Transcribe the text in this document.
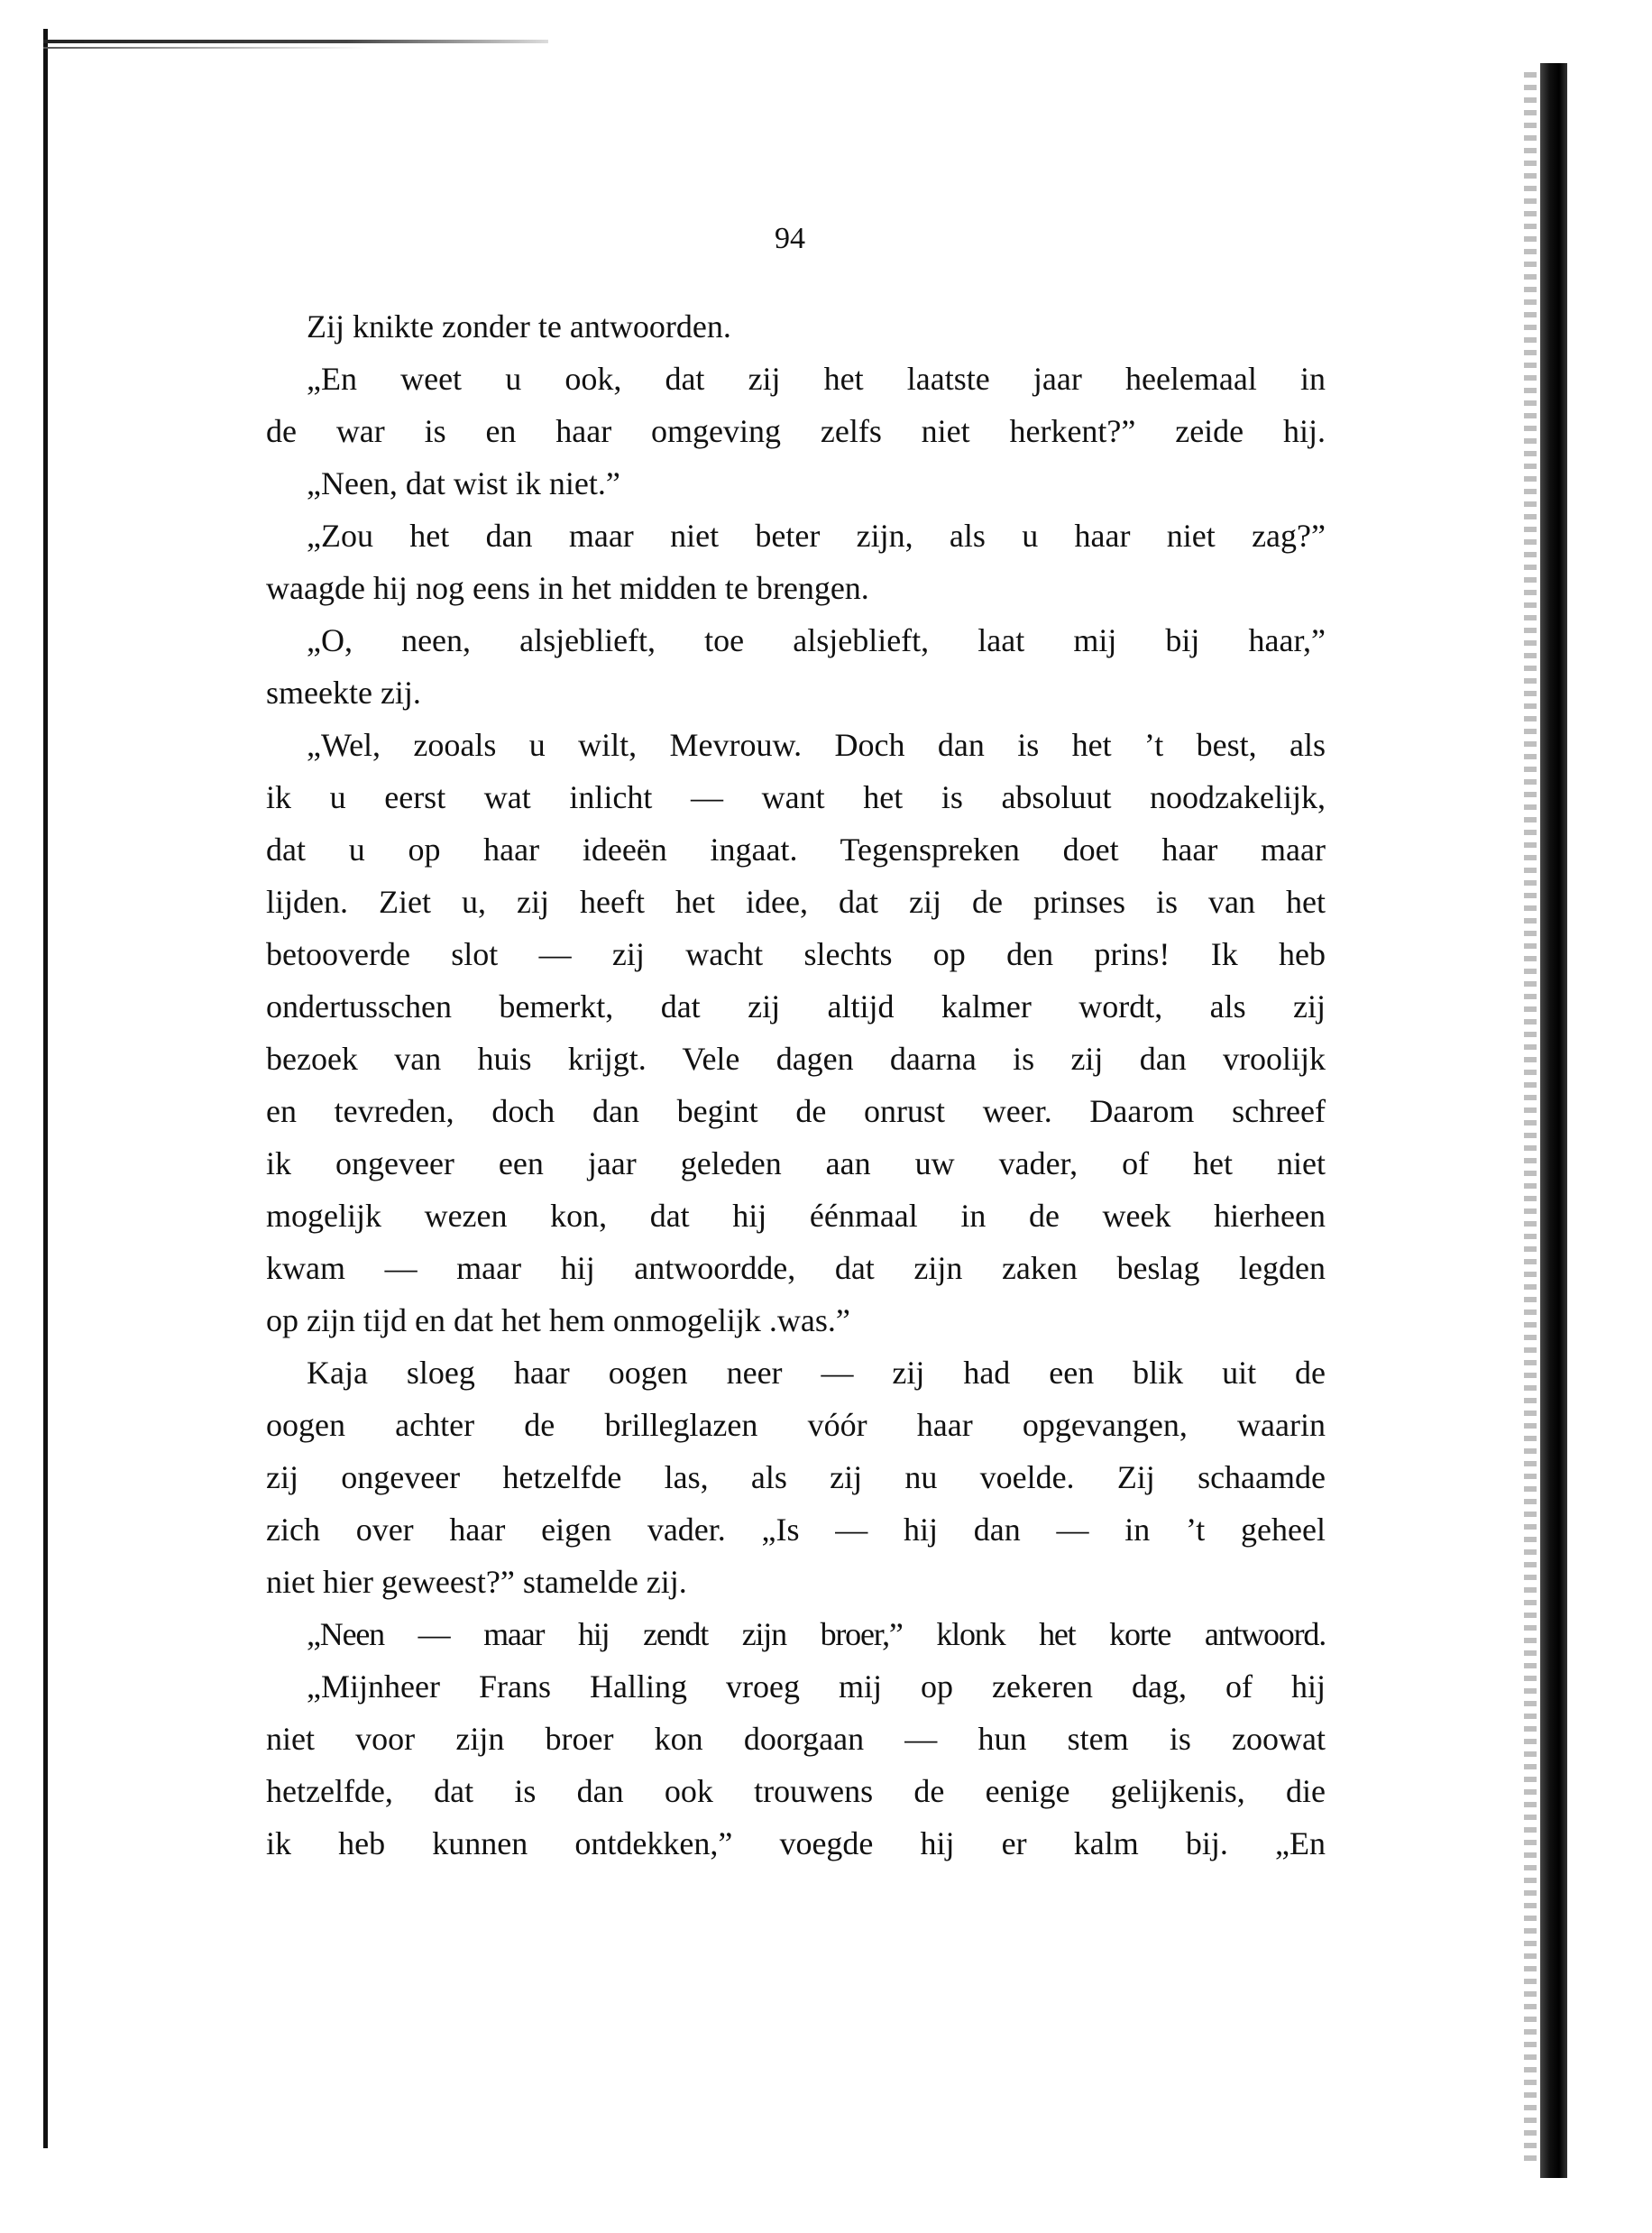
94
Zij knikte zonder te antwoorden.
„En weet u ook, dat zij het laatste jaar heelemaal in
de war is en haar omgeving zelfs niet herkent?” zeide hij.
„Neen, dat wist ik niet.”
„Zou het dan maar niet beter zijn, als u haar niet zag?”
waagde hij nog eens in het midden te brengen.
„O, neen, alsjeblieft, toe alsjeblieft, laat mij bij haar,”
smeekte zij.
„Wel, zooals u wilt, Mevrouw. Doch dan is het ’t best, als
ik u eerst wat inlicht — want het is absoluut noodzakelijk,
dat u op haar ideeën ingaat. Tegenspreken doet haar maar
lijden. Ziet u, zij heeft het idee, dat zij de prinses is van het
betooverde slot — zij wacht slechts op den prins! Ik heb
ondertusschen bemerkt, dat zij altijd kalmer wordt, als zij
bezoek van huis krijgt. Vele dagen daarna is zij dan vroolijk
en tevreden, doch dan begint de onrust weer. Daarom schreef
ik ongeveer een jaar geleden aan uw vader, of het niet
mogelijk wezen kon, dat hij éénmaal in de week hierheen
kwam — maar hij antwoordde, dat zijn zaken beslag legden
op zijn tijd en dat het hem onmogelijk .was.”
Kaja sloeg haar oogen neer — zij had een blik uit de
oogen achter de brilleglazen vóór haar opgevangen, waarin
zij ongeveer hetzelfde las, als zij nu voelde. Zij schaamde
zich over haar eigen vader. „Is — hij dan — in ’t geheel
niet hier geweest?” stamelde zij.
„Neen — maar hij zendt zijn broer,” klonk het korte antwoord.
„Mijnheer Frans Halling vroeg mij op zekeren dag, of hij
niet voor zijn broer kon doorgaan — hun stem is zoowat
hetzelfde, dat is dan ook trouwens de eenige gelijkenis, die
ik heb kunnen ontdekken,” voegde hij er kalm bij. „En
